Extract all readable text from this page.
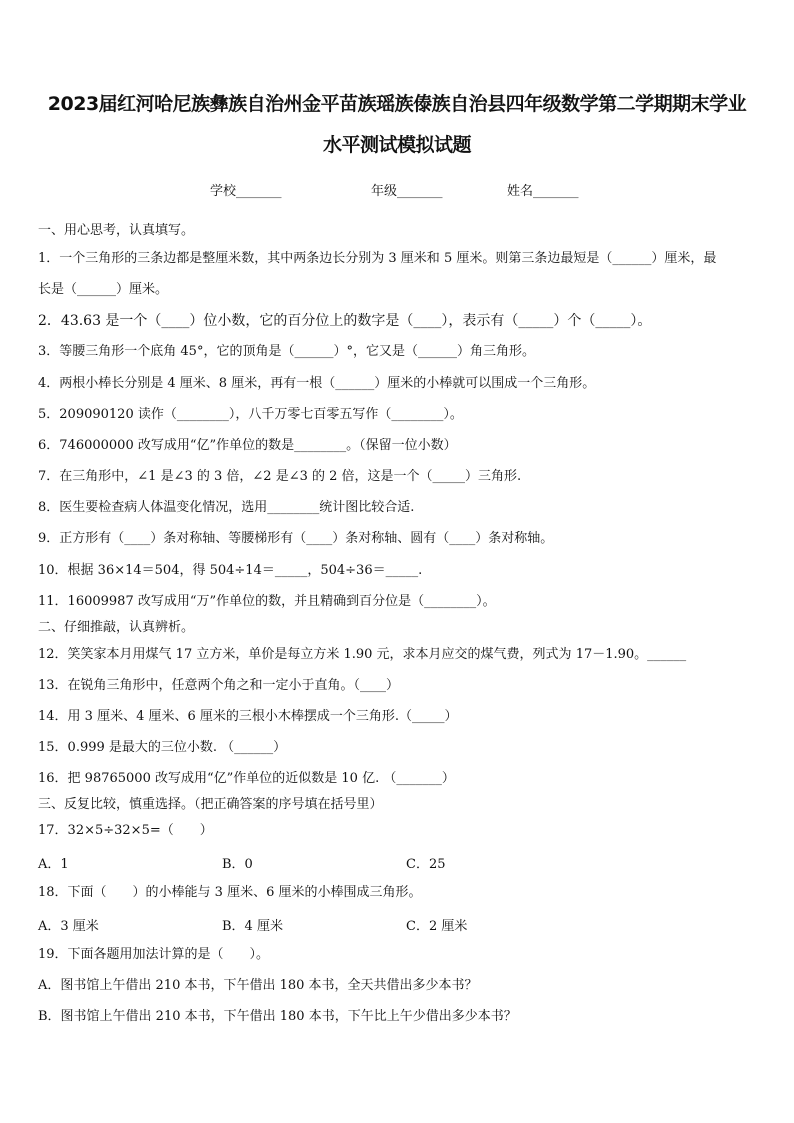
2023届红河哈尼族彝族自治州金平苗族瑶族傣族自治县四年级数学第二学期期末学业
水平测试模拟试题
学校_______	年级_______	姓名_______
一、用心思考，认真填写。
1．一个三角形的三条边都是整厘米数，其中两条边长分别为 3 厘米和 5 厘米。则第三条边最短是（______）厘米，最
长是（______）厘米。
2．43.63 是一个（____）位小数，它的百分位上的数字是（____），表示有（_____）个（_____）。
3．等腰三角形一个底角 45°，它的顶角是（______）°，它又是（______）角三角形。
4．两根小棒长分别是 4 厘米、8 厘米，再有一根（______）厘米的小棒就可以围成一个三角形。
5．209090120 读作（________），八千万零七百零五写作（________）。
6．746000000 改写成用“亿”作单位的数是________。（保留一位小数）
7．在三角形中，∠1 是∠3 的 3 倍，∠2 是∠3 的 2 倍，这是一个（_____）三角形.
8．医生要检查病人体温变化情况，选用________统计图比较合适.
9．正方形有（____）条对称轴、等腰梯形有（____）条对称轴、圆有（____）条对称轴。
10．根据 36×14＝504，得 504÷14＝_____，504÷36＝_____.
11．16009987 改写成用“万”作单位的数，并且精确到百分位是（________）。
二、仔细推敲，认真辨析。
12．笑笑家本月用煤气 17 立方米，单价是每立方米 1.90 元，求本月应交的煤气费，列式为 17－1.90。______
13．在锐角三角形中，任意两个角之和一定小于直角。（____）
14．用 3 厘米、4 厘米、6 厘米的三根小木棒摆成一个三角形.（_____）
15．0.999 是最大的三位小数. （______）
16．把 98765000 改写成用“亿”作单位的近似数是 10 亿. （_______）
三、反复比较，慎重选择。（把正确答案的序号填在括号里）
17．32×5÷32×5=（　　）
A．1	B．0	C．25
18．下面（　　）的小棒能与 3 厘米、6 厘米的小棒围成三角形。
A．3 厘米	B．4 厘米	C．2 厘米
19．下面各题用加法计算的是（　　）。
A．图书馆上午借出 210 本书，下午借出 180 本书，全天共借出多少本书？
B．图书馆上午借出 210 本书，下午借出 180 本书，下午比上午少借出多少本书？
